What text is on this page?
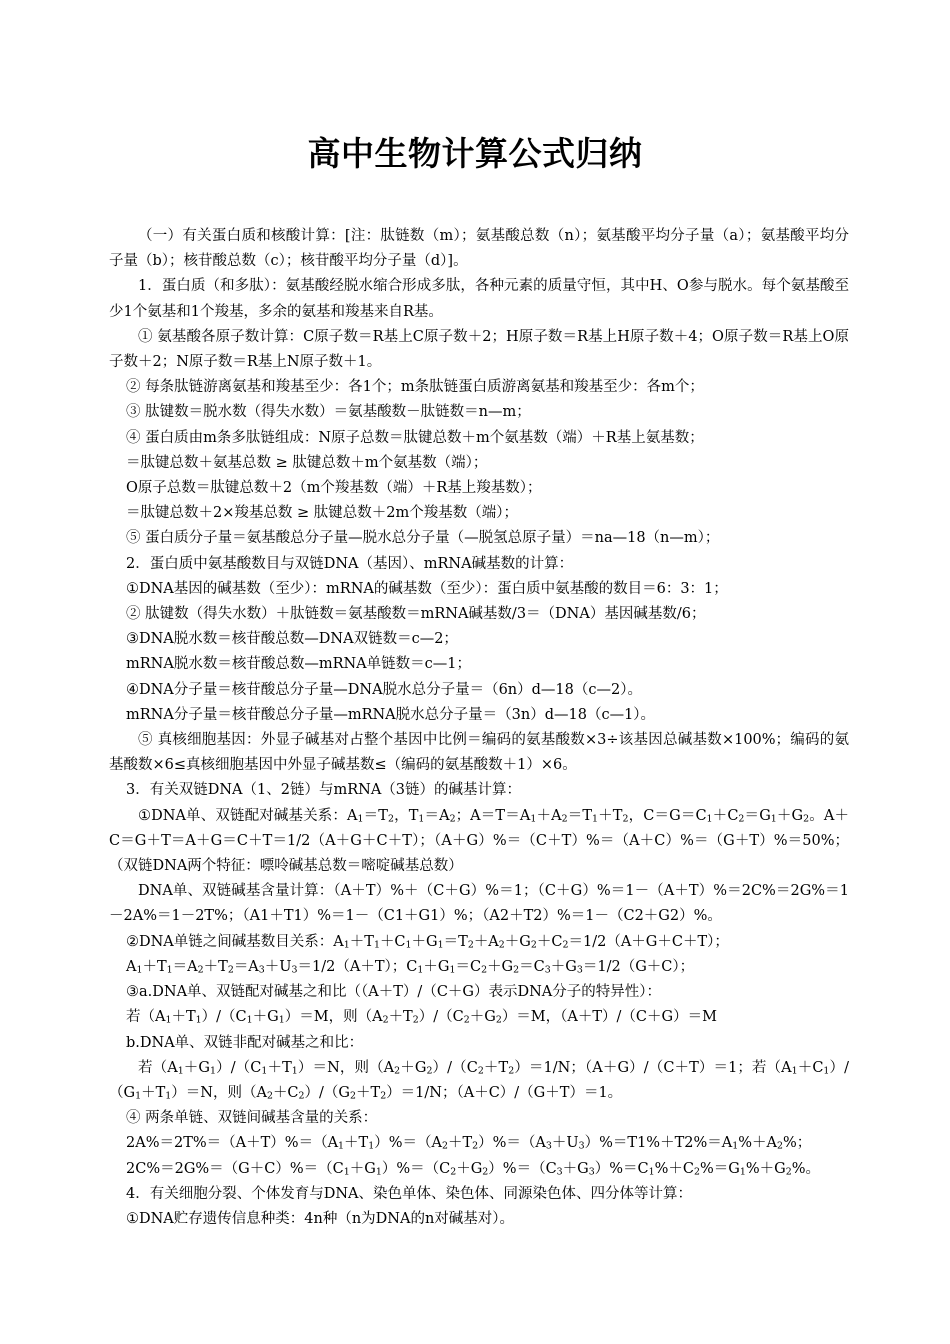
高中生物计算公式归纳

（一）有关蛋白质和核酸计算：[注：肽链数（m）；氨基酸总数（n）；氨基酸平均分子量（a）；氨基酸平均分子量（b）；核苷酸总数（c）；核苷酸平均分子量（d）]。

1．蛋白质（和多肽）：氨基酸经脱水缩合形成多肽，各种元素的质量守恒，其中H、O参与脱水。每个氨基酸至少1个氨基和1个羧基，多余的氨基和羧基来自R基。

① 氨基酸各原子数计算：C原子数＝R基上C原子数＋2；H原子数＝R基上H原子数＋4；O原子数＝R基上O原子数＋2；N原子数＝R基上N原子数＋1。

② 每条肽链游离氨基和羧基至少：各1个；m条肽链蛋白质游离氨基和羧基至少：各m个；

③ 肽键数＝脱水数（得失水数）＝氨基酸数－肽链数＝n—m；

④ 蛋白质由m条多肽链组成：N原子总数＝肽键总数＋m个氨基数（端）＋R基上氨基数；

＝肽键总数＋氨基总数 ≥ 肽键总数＋m个氨基数（端）；

O原子总数＝肽键总数＋2（m个羧基数（端）＋R基上羧基数）；

＝肽键总数＋2×羧基总数 ≥ 肽键总数＋2m个羧基数（端）；

⑤ 蛋白质分子量＝氨基酸总分子量—脱水总分子量（—脱氢总原子量）＝na—18（n—m）；

2．蛋白质中氨基酸数目与双链DNA（基因）、mRNA碱基数的计算：

①DNA基因的碱基数（至少）：mRNA的碱基数（至少）：蛋白质中氨基酸的数目＝6：3：1；

② 肽键数（得失水数）＋肽链数＝氨基酸数＝mRNA碱基数/3＝（DNA）基因碱基数/6；

③DNA脱水数＝核苷酸总数—DNA双链数＝c—2；

mRNA脱水数＝核苷酸总数—mRNA单链数＝c—1；

④DNA分子量＝核苷酸总分子量—DNA脱水总分子量＝（6n）d—18（c—2）。

mRNA分子量＝核苷酸总分子量—mRNA脱水总分子量＝（3n）d—18（c—1）。

⑤ 真核细胞基因：外显子碱基对占整个基因中比例＝编码的氨基酸数×3÷该基因总碱基数×100%；编码的氨基酸数×6≤真核细胞基因中外显子碱基数≤（编码的氨基酸数＋1）×6。

3．有关双链DNA（1、2链）与mRNA（3链）的碱基计算：

①DNA单、双链配对碱基关系：$A_1=T_2$，$T_1=A_2$；$A=T=A_1+A_2=T_1+T_2$，$C=G=C_1+C_2=G_1+G_2$。A＋C＝G＋T＝A＋G＝C＋T＝1/2（A＋G＋C＋T）；（A＋G）%＝（C＋T）%＝（A＋C）%＝（G＋T）%＝50%；（双链DNA两个特征：嘌呤碱基总数＝嘧啶碱基总数）

DNA单、双链碱基含量计算：（A＋T）%＋（C＋G）%＝1；（C＋G）%＝1－（A＋T）%＝2C%＝2G%＝1－2A%＝1－2T%；（A1＋T1）%＝1－（C1＋G1）%；（A2＋T2）%＝1－（C2＋G2）%。

②DNA单链之间碱基数目关系：$A_1+T_1+C_1+G_1=T_2+A_2+G_2+C_2=1/2(A+G+C+T)$；

$A_1+T_1=A_2+T_2=A_3+U_3=1/2(A+T)$；$C_1+G_1=C_2+G_2=C_3+G_3=1/2(G+C)$；

③a.DNA单、双链配对碱基之和比（（A＋T）/（C＋G）表示DNA分子的特异性）：

若$(A_1+T_1)/(C_1+G_1)=M$，则$(A_2+T_2)/(C_2+G_2)=M$，（A＋T）/（C＋G）＝M

b.DNA单、双链非配对碱基之和比：

若$(A_1+G_1)/(C_1+T_1)=N$，则$(A_2+G_2)/(C_2+T_2)=1/N$；（A＋G）/（C＋T）＝1；若$(A_1+C_1)/(G_1+T_1)=N$，则$(A_2+C_2)/(G_2+T_2)=1/N$；（A＋C）/（G＋T）＝1。

④ 两条单链、双链间碱基含量的关系：

$2A\%=2T\%=(A+T)\%=(A_1+T_1)\%=(A_2+T_2)\%=(A_3+U_3)\%=T1\%+T2\%=A_1\%+A_2\%$；

$2C\%=2G\%=(G+C)\%=(C_1+G_1)\%=(C_2+G_2)\%=(C_3+G_3)\%=C_1\%+C_2\%=G_1\%+G_2\%$。

4．有关细胞分裂、个体发育与DNA、染色单体、染色体、同源染色体、四分体等计算：

①DNA贮存遗传信息种类：4n种（n为DNA的n对碱基对）。
